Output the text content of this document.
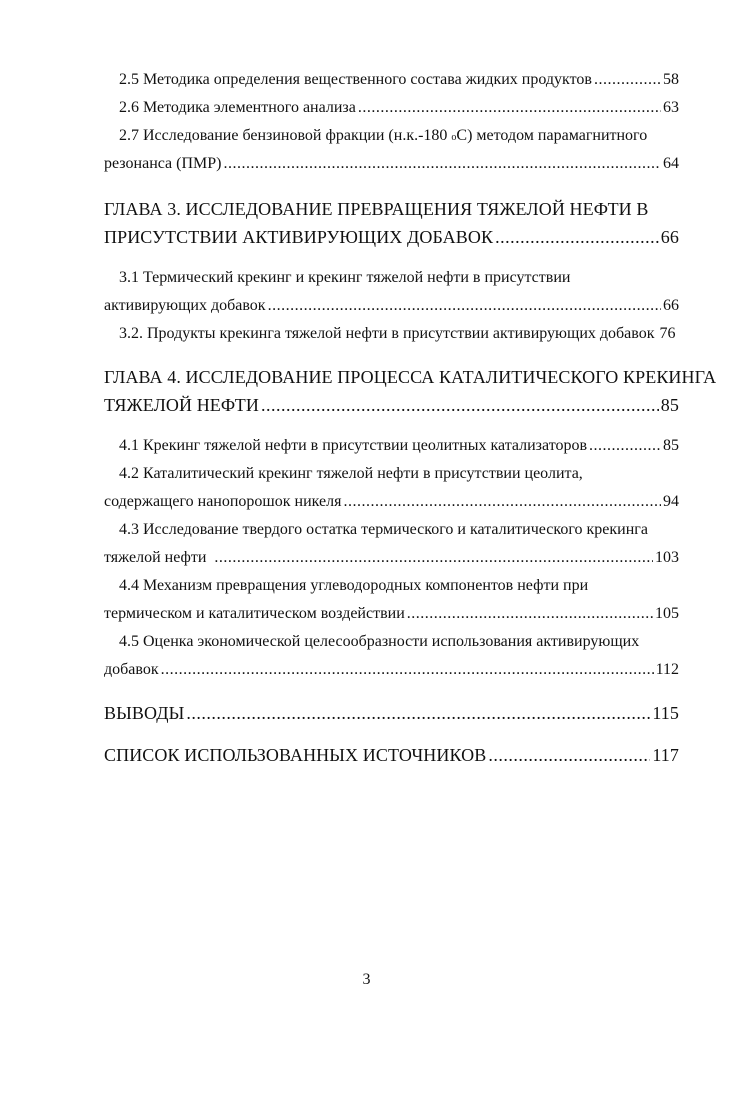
2.5 Методика определения вещественного состава жидких продуктов .....	58
2.6 Методика элементного анализа .....	63
2.7 Исследование бензиновой фракции (н.к.-180 о С) методом парамагнитного
резонанса (ПМР) .....	64
ГЛАВА 3. ИССЛЕДОВАНИЕ ПРЕВРАЩЕНИЯ ТЯЖЕЛОЙ НЕФТИ В
ПРИСУТСТВИИ АКТИВИРУЮЩИХ ДОБАВОК .....	66
3.1 Термический крекинг и крекинг тяжелой нефти в присутствии
активирующих добавок .....	66
3.2. Продукты крекинга тяжелой нефти в присутствии активирующих добавок 76
ГЛАВА 4. ИССЛЕДОВАНИЕ ПРОЦЕССА КАТАЛИТИЧЕСКОГО КРЕКИНГА
ТЯЖЕЛОЙ НЕФТИ .....	85
4.1 Крекинг тяжелой нефти в присутствии цеолитных катализаторов .....	85
4.2 Каталитический крекинг тяжелой нефти в присутствии цеолита,
содержащего нанопорошок никеля .....	94
4.3 Исследование твердого остатка термического и каталитического крекинга
тяжелой нефти .....	103
4.4 Механизм превращения углеводородных компонентов нефти при
термическом и каталитическом воздействии .....	105
4.5 Оценка экономической целесообразности использования активирующих
добавок .....	112
ВЫВОДЫ .....	115
СПИСОК ИСПОЛЬЗОВАННЫХ ИСТОЧНИКОВ .....	117
3
